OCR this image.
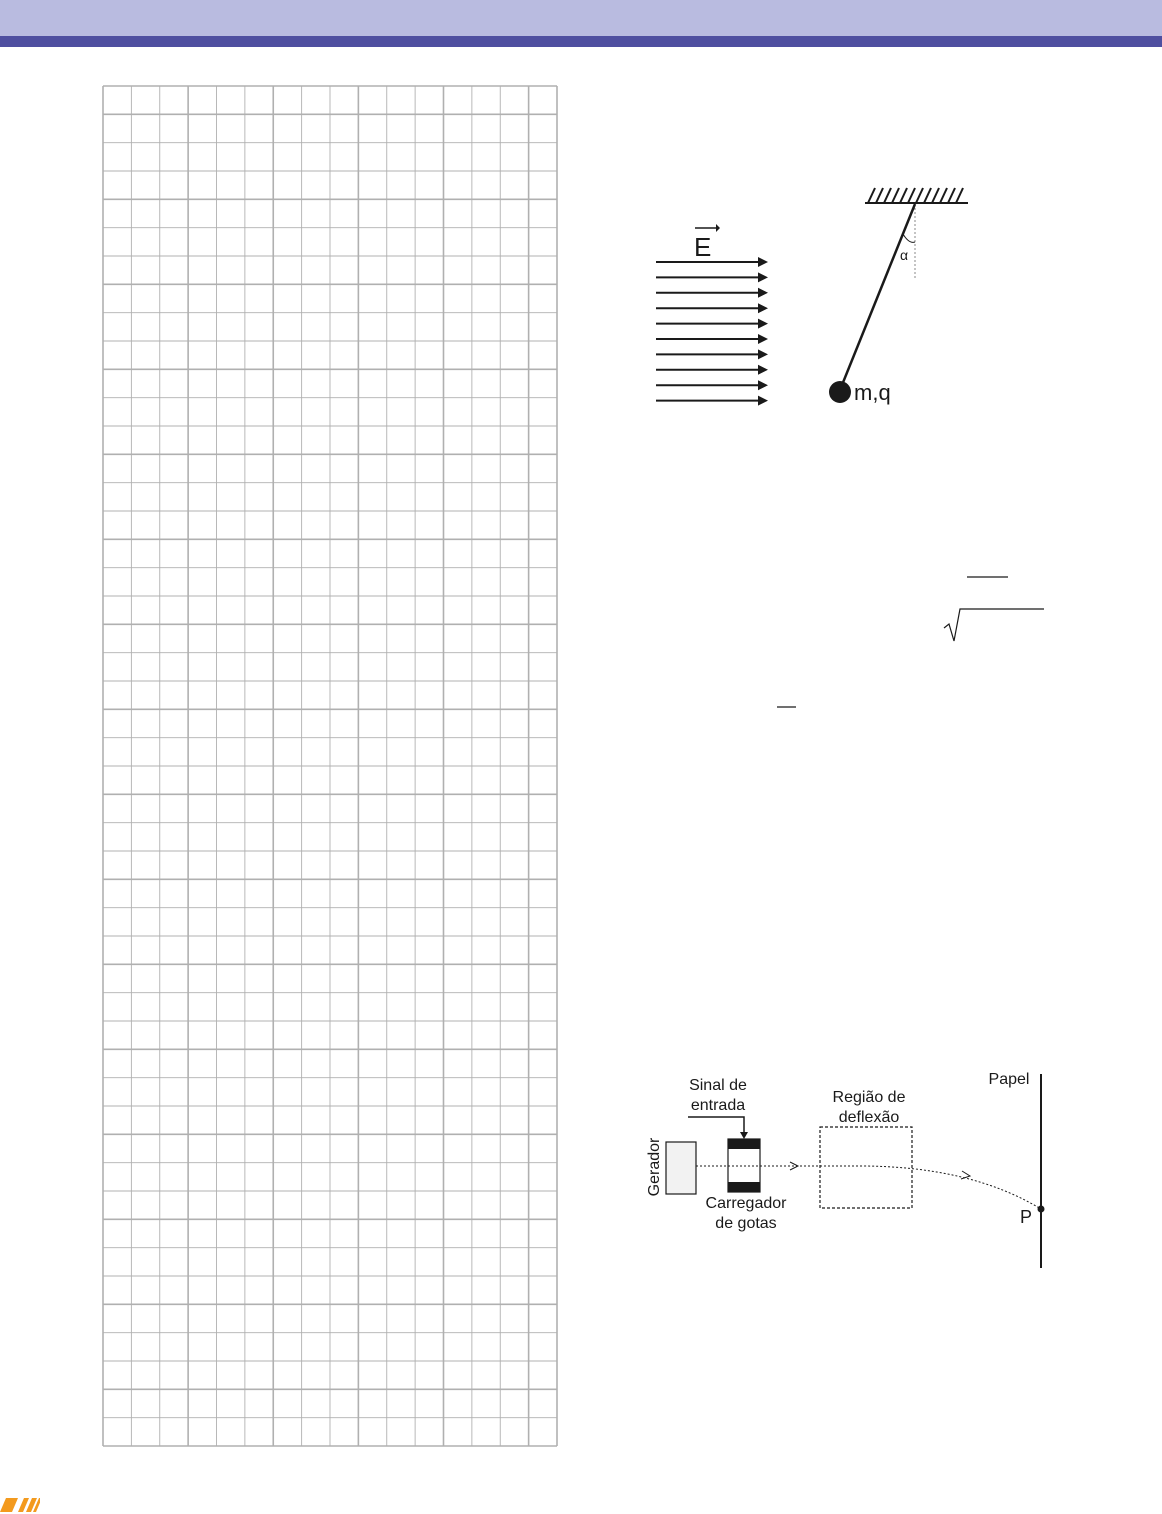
E	α
m,q
Sinal de
entrada	Região de
deflexão
Papel
Gerador
Carregador
de gotas	P
